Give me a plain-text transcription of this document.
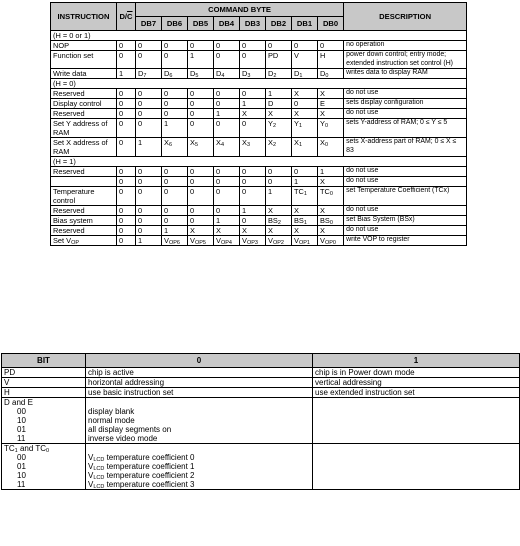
INSTRUCTION	$D/\overline{C}$	COMMAND BYTE								DESCRIPTION
		DB7	DB6	DB5	DB4	DB3	DB2	DB1	DB0	
(H = 0 or 1)										
NOP	0	0	0	0	0	0	0	0	0	no operation
Function set	0	0	0	1	0	0	PD	V	H	power down control; entry mode; extended instruction set control (H)
Write data	1	$D_7$	$D_6$	$D_5$	$D_4$	$D_3$	$D_2$	$D_1$	$D_0$	writes data to display RAM
(H = 0)										
Reserved	0	0	0	0	0	0	1	X	X	do not use
Display control	0	0	0	0	0	1	D	0	E	sets display configuration
Reserved	0	0	0	0	1	X	X	X	X	do not use
Set Y address of RAM	0	0	1	0	0	0	$Y_2$	$Y_1$	$Y_0$	sets Y-address of RAM; 0 ≤ Y ≤ 5
Set X address of RAM	0	1	$X_6$	$X_5$	$X_4$	$X_3$	$X_2$	$X_1$	$X_0$	sets X-address part of RAM; 0 ≤ X ≤ 83
(H = 1)										
Reserved	0	0	0	0	0	0	0	0	1	do not use
	0	0	0	0	0	0	0	1	X	do not use
Temperature control	0	0	0	0	0	0	1	$TC_1$	$TC_0$	set Temperature Coefficient (TCx)
Reserved	0	0	0	0	0	1	X	X	X	do not use
Bias system	0	0	0	0	1	0	$BS_2$	$BS_1$	$BS_0$	set Bias System (BSx)
Reserved	0	0	1	X	X	X	X	X	X	do not use
Set $V_{OP}$	0	1	$V_{OP6}$	$V_{OP5}$	$V_{OP4}$	$V_{OP3}$	$V_{OP2}$	$V_{OP1}$	$V_{OP0}$	write VOP to register
BIT	0	1
PD	chip is active	chip is in Power down mode
V	horizontal addressing	vertical addressing
H	use basic instruction set	use extended instruction set
D and E		
00	display blank	
10	normal mode	
01	all display segments on	
11	inverse video mode	
$TC_1$ and $TC_0$		
00	$V_{LCD}$ temperature coefficient 0	
01	$V_{LCD}$ temperature coefficient 1	
10	$V_{LCD}$ temperature coefficient 2	
11	$V_{LCD}$ temperature coefficient 3	
